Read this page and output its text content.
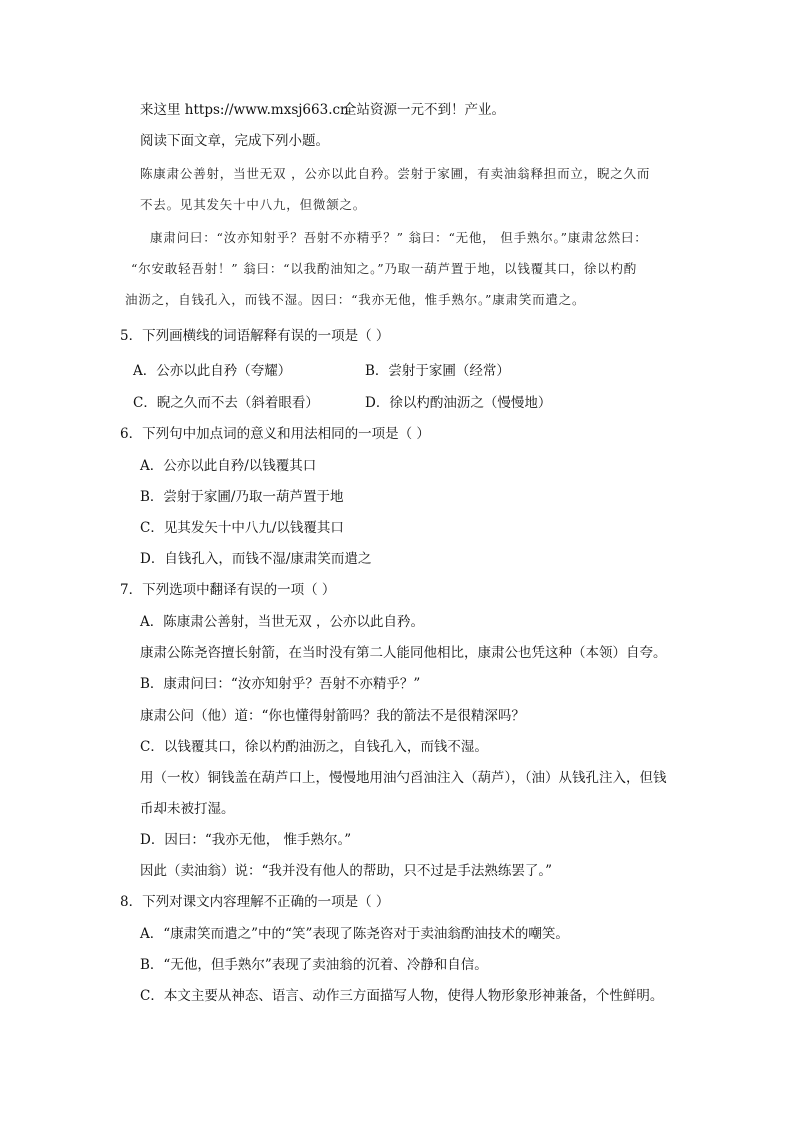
来这里 https://www.mxsj663.cn
全站资源一元不到！产业。
阅读下面文章，完成下列小题。
陈康肃公善射，当世无双 ，公亦以此自矜。尝射于家圃，有卖油翁释担而立，睨之久而
不去。见其发矢十中八九，但微颔之。
康肃问曰：“汝亦知射乎？吾射不亦精乎？” 翁曰：“无他， 但手熟尔。”康肃忿然曰：
“尔安敢轻吾射！” 翁曰：“以我酌油知之。”乃取一葫芦置于地，以钱覆其口，徐以杓酌
油沥之，自钱孔入，而钱不湿。因曰：“我亦无他，惟手熟尔。”康肃笑而遣之。
5．下列画横线的词语解释有误的一项是（ ）
A．公亦以此自矜（夸耀）	B．尝射于家圃（经常）
C．睨之久而不去（斜着眼看）	D．徐以杓酌油沥之（慢慢地）
6．下列句中加点词的意义和用法相同的一项是（ ）
A．公亦以此自矜/以钱覆其口
B．尝射于家圃/乃取一葫芦置于地
C．见其发矢十中八九/以钱覆其口
D．自钱孔入，而钱不湿/康肃笑而遣之
7．下列选项中翻译有误的一项（ ）
A．陈康肃公善射，当世无双 ，公亦以此自矜。
康肃公陈尧咨擅长射箭，在当时没有第二人能同他相比，康肃公也凭这种（本领）自夸。
B．康肃问曰：“汝亦知射乎？吾射不亦精乎？”
康肃公问（他）道：“你也懂得射箭吗？我的箭法不是很精深吗？
C．以钱覆其口，徐以杓酌油沥之，自钱孔入，而钱不湿。
用（一枚）铜钱盖在葫芦口上，慢慢地用油勺舀油注入（葫芦），（油）从钱孔注入，但钱
币却未被打湿。
D．因曰：“我亦无他， 惟手熟尔。”
因此（卖油翁）说：“我并没有他人的帮助，只不过是手法熟练罢了。”
8．下列对课文内容理解不正确的一项是（ ）
A．“康肃笑而遣之”中的“笑”表现了陈尧咨对于卖油翁酌油技术的嘲笑。
B．“无他，但手熟尔”表现了卖油翁的沉着、冷静和自信。
C．本文主要从神态、语言、动作三方面描写人物，使得人物形象形神兼备，个性鲜明。
